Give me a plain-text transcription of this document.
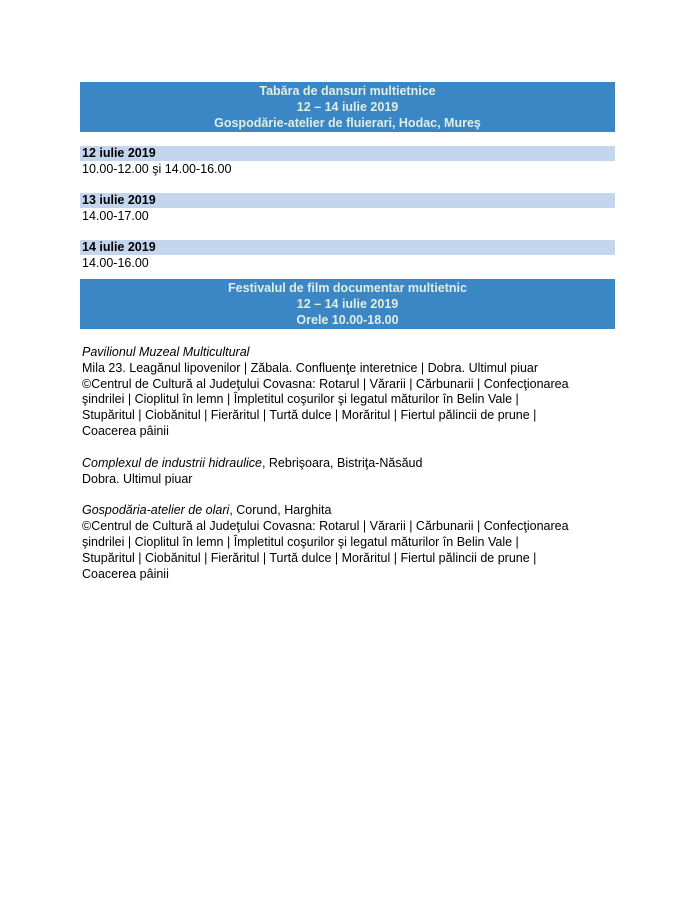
Tabăra de dansuri multietnice
12 – 14 iulie 2019
Gospodărie-atelier de fluierari, Hodac, Mureş
12 iulie 2019
10.00-12.00 şi 14.00-16.00
13 iulie 2019
14.00-17.00
14 iulie 2019
14.00-16.00
Festivalul de film documentar multietnic
12 – 14 iulie 2019
Orele 10.00-18.00
Pavilionul Muzeal Multicultural
Mila 23. Leagănul lipovenilor | Zăbala. Confluenţe interetnice | Dobra. Ultimul piuar
©Centrul de Cultură al Judeţului Covasna: Rotarul | Vărarii | Cărbunarii | Confecţionarea
şindrilei | Cioplitul în lemn | Împletitul coşurilor şi legatul măturilor în Belin Vale |
Stupăritul | Ciobănitul | Fierăritul | Turtă dulce | Morăritul | Fiertul pălincii de prune |
Coacerea pâinii
Complexul de industrii hidraulice, Rebrişoara, Bistriţa-Năsăud
Dobra. Ultimul piuar
Gospodăria-atelier de olari, Corund, Harghita
©Centrul de Cultură al Judeţului Covasna: Rotarul | Vărarii | Cărbunarii | Confecţionarea
şindrilei | Cioplitul în lemn | Împletitul coşurilor şi legatul măturilor în Belin Vale |
Stupăritul | Ciobănitul | Fierăritul | Turtă dulce | Morăritul | Fiertul pălincii de prune |
Coacerea pâinii
